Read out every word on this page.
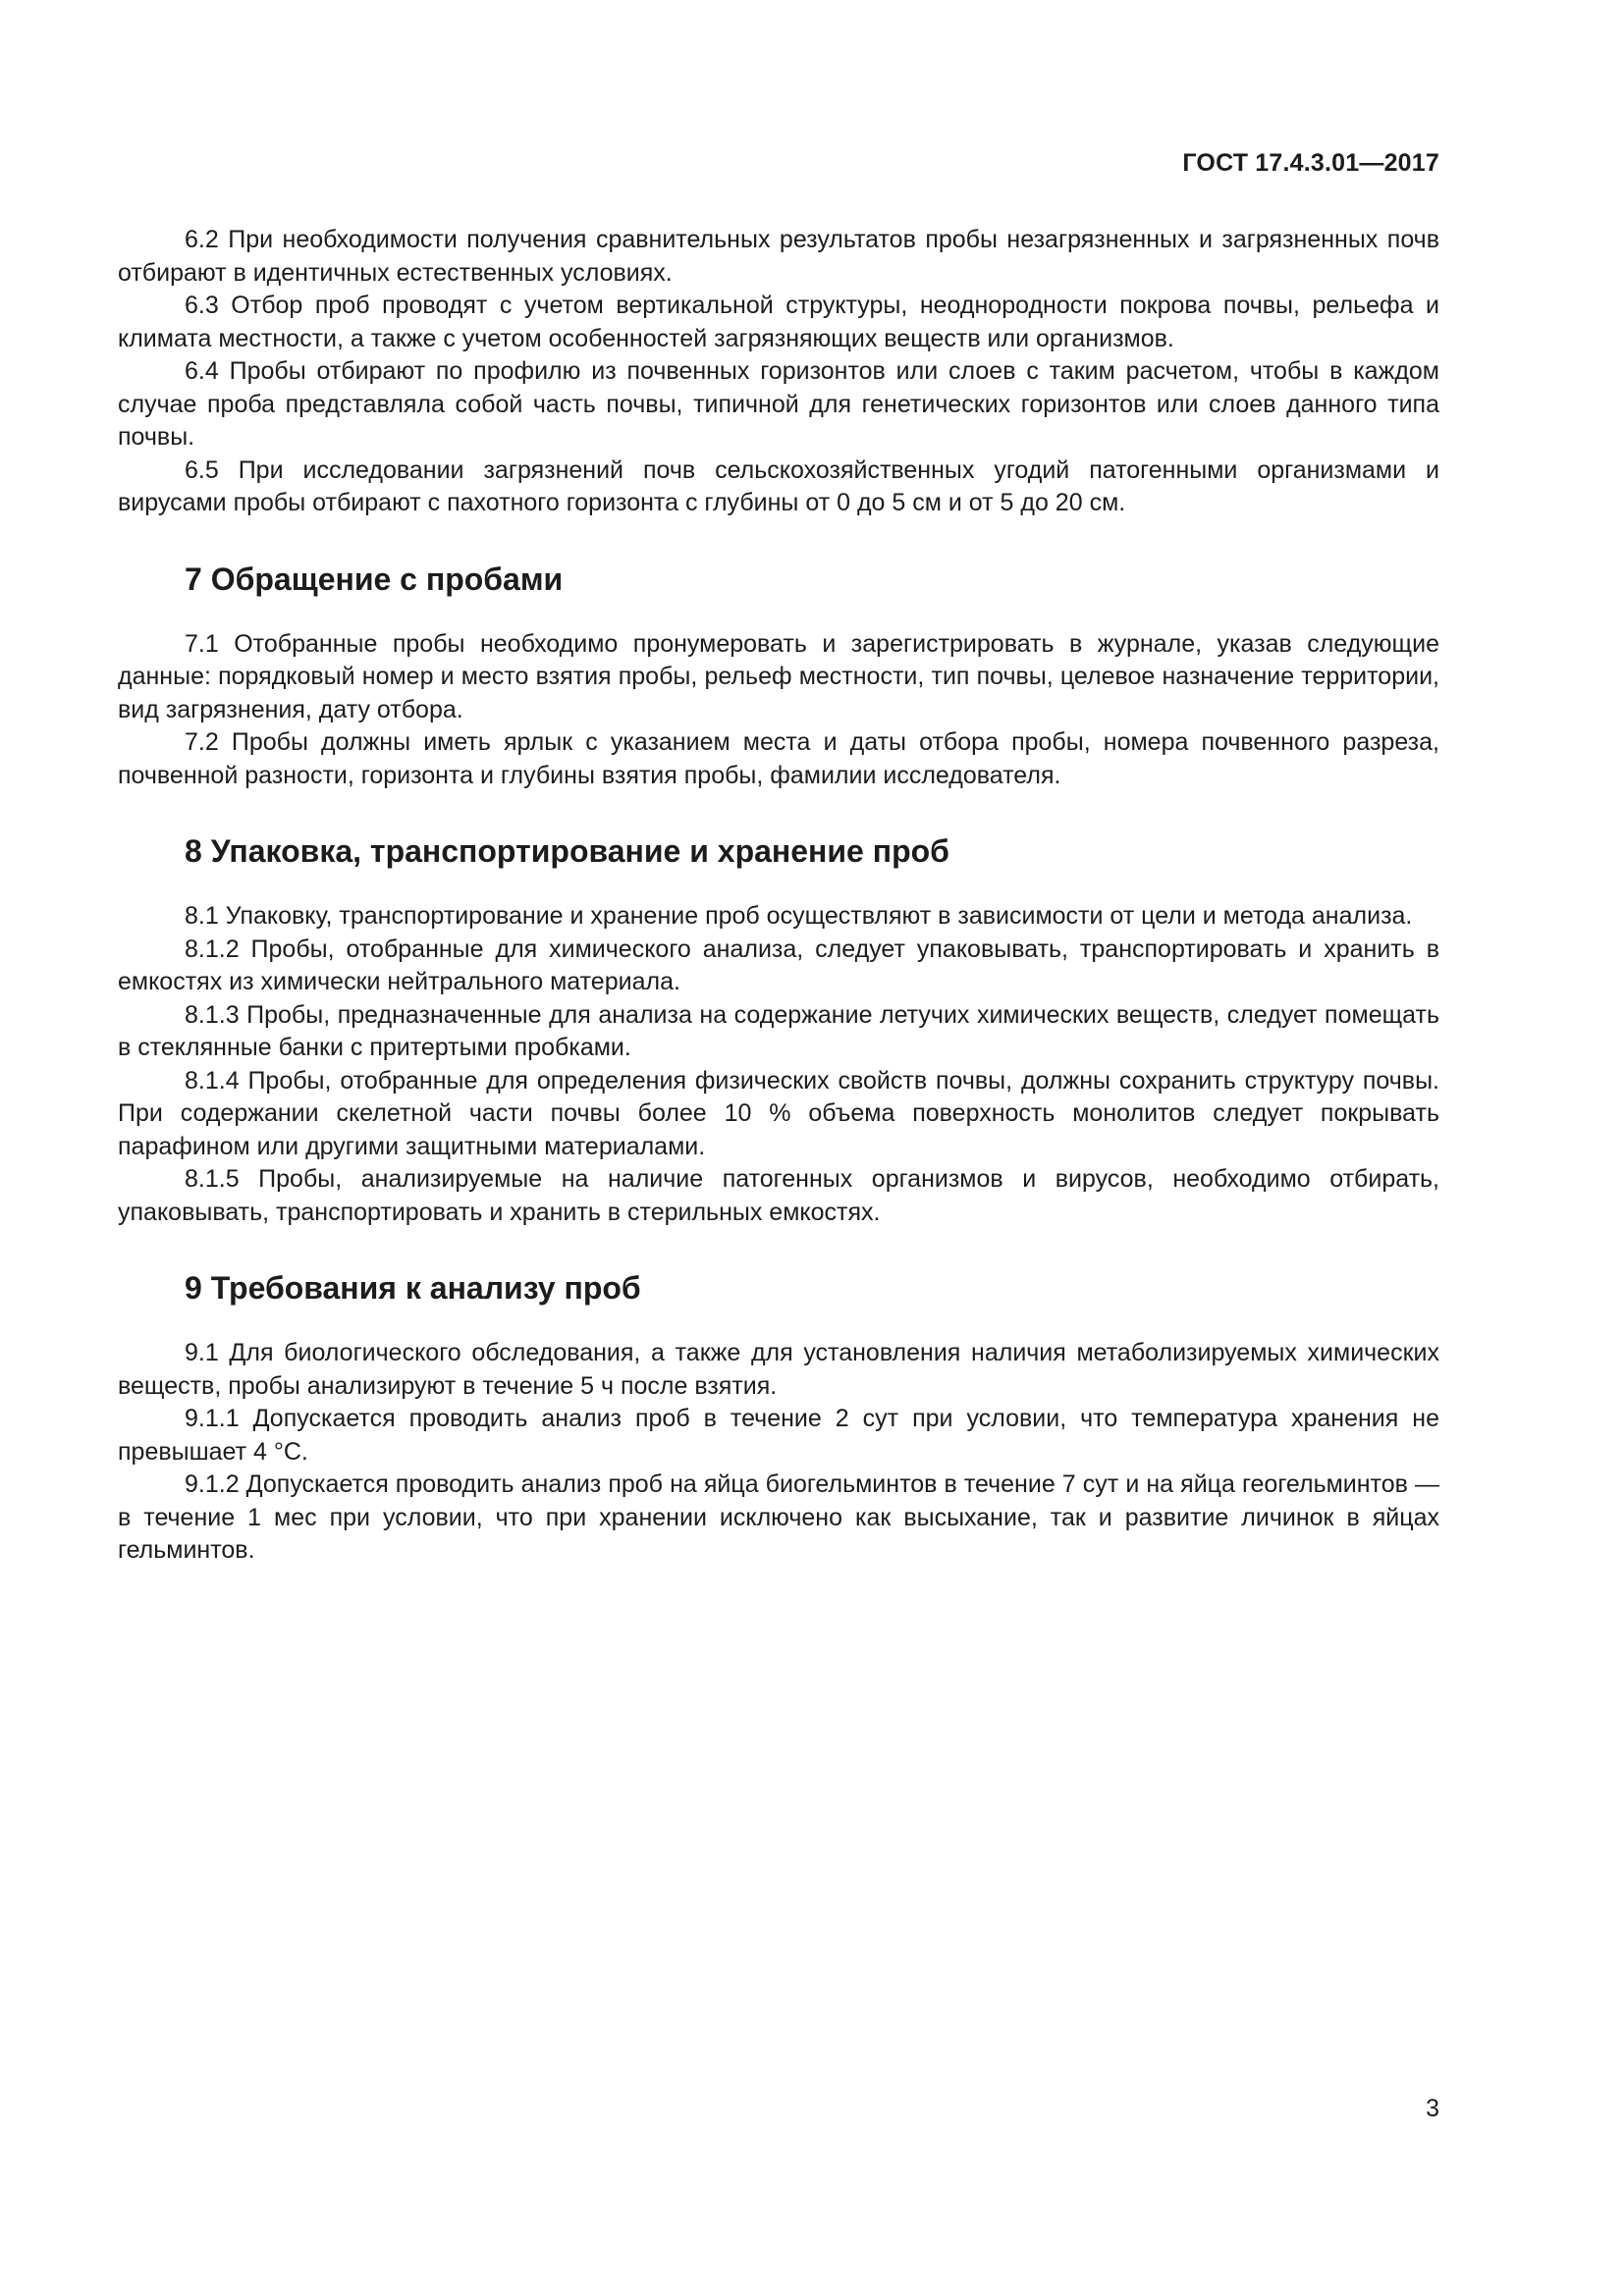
ГОСТ 17.4.3.01—2017

6.2 При необходимости получения сравнительных результатов пробы незагрязненных и загрязненных почв отбирают в идентичных естественных условиях.

6.3 Отбор проб проводят с учетом вертикальной структуры, неоднородности покрова почвы, рельефа и климата местности, а также с учетом особенностей загрязняющих веществ или организмов.

6.4 Пробы отбирают по профилю из почвенных горизонтов или слоев с таким расчетом, чтобы в каждом случае проба представляла собой часть почвы, типичной для генетических горизонтов или слоев данного типа почвы.

6.5 При исследовании загрязнений почв сельскохозяйственных угодий патогенными организмами и вирусами пробы отбирают с пахотного горизонта с глубины от 0 до 5 см и от 5 до 20 см.

7 Обращение с пробами

7.1 Отобранные пробы необходимо пронумеровать и зарегистрировать в журнале, указав следующие данные: порядковый номер и место взятия пробы, рельеф местности, тип почвы, целевое назначение территории, вид загрязнения, дату отбора.

7.2 Пробы должны иметь ярлык с указанием места и даты отбора пробы, номера почвенного разреза, почвенной разности, горизонта и глубины взятия пробы, фамилии исследователя.

8 Упаковка, транспортирование и хранение проб

8.1 Упаковку, транспортирование и хранение проб осуществляют в зависимости от цели и метода анализа.

8.1.2 Пробы, отобранные для химического анализа, следует упаковывать, транспортировать и хранить в емкостях из химически нейтрального материала.

8.1.3 Пробы, предназначенные для анализа на содержание летучих химических веществ, следует помещать в стеклянные банки с притертыми пробками.

8.1.4 Пробы, отобранные для определения физических свойств почвы, должны сохранить структуру почвы. При содержании скелетной части почвы более 10 % объема поверхность монолитов следует покрывать парафином или другими защитными материалами.

8.1.5 Пробы, анализируемые на наличие патогенных организмов и вирусов, необходимо отбирать, упаковывать, транспортировать и хранить в стерильных емкостях.

9 Требования к анализу проб

9.1 Для биологического обследования, а также для установления наличия метаболизируемых химических веществ, пробы анализируют в течение 5 ч после взятия.

9.1.1 Допускается проводить анализ проб в течение 2 сут при условии, что температура хранения не превышает 4 °С.

9.1.2 Допускается проводить анализ проб на яйца биогельминтов в течение 7 сут и на яйца геогельминтов — в течение 1 мес при условии, что при хранении исключено как высыхание, так и развитие личинок в яйцах гельминтов.

3
